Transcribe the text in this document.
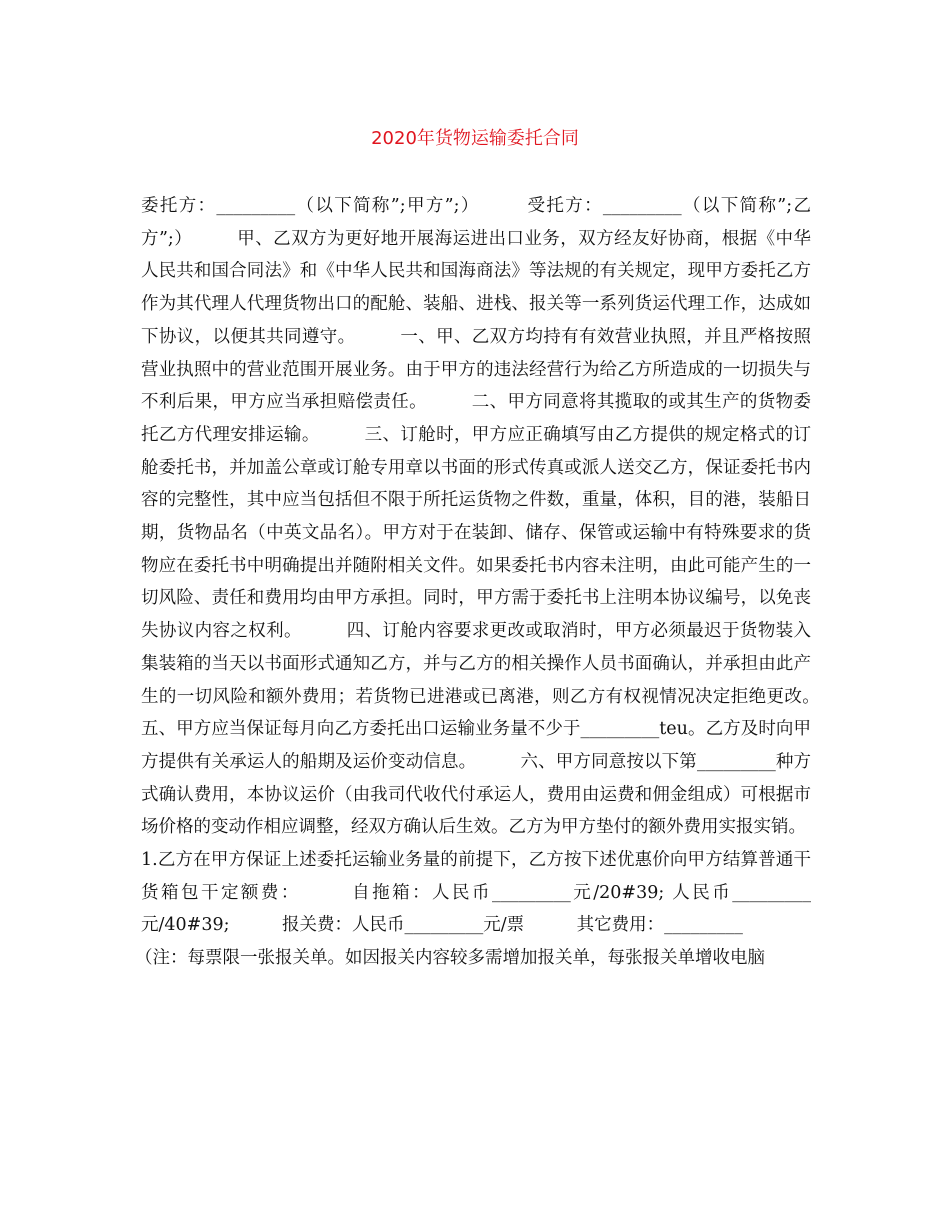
2020年货物运输委托合同

委托方：_________（以下简称”;甲方”;）　　　受托方：_________（以下简称”;乙方”;）　　　甲、乙双方为更好地开展海运进出口业务，双方经友好协商，根据《中华人民共和国合同法》和《中华人民共和国海商法》等法规的有关规定，现甲方委托乙方作为其代理人代理货物出口的配舱、装船、进栈、报关等一系列货运代理工作，达成如下协议，以便其共同遵守。　　　一、甲、乙双方均持有有效营业执照，并且严格按照营业执照中的营业范围开展业务。由于甲方的违法经营行为给乙方所造成的一切损失与不利后果，甲方应当承担赔偿责任。　　　二、甲方同意将其揽取的或其生产的货物委托乙方代理安排运输。　　　三、订舱时，甲方应正确填写由乙方提供的规定格式的订舱委托书，并加盖公章或订舱专用章以书面的形式传真或派人送交乙方，保证委托书内容的完整性，其中应当包括但不限于所托运货物之件数，重量，体积，目的港，装船日期，货物品名（中英文品名）。甲方对于在装卸、储存、保管或运输中有特殊要求的货物应在委托书中明确提出并随附相关文件。如果委托书内容未注明，由此可能产生的一切风险、责任和费用均由甲方承担。同时，甲方需于委托书上注明本协议编号，以免丧失协议内容之权利。　　　四、订舱内容要求更改或取消时，甲方必须最迟于货物装入集装箱的当天以书面形式通知乙方，并与乙方的相关操作人员书面确认，并承担由此产生的一切风险和额外费用；若货物已进港或已离港，则乙方有权视情况决定拒绝更改。　　　五、甲方应当保证每月向乙方委托出口运输业务量不少于_________teu。乙方及时向甲方提供有关承运人的船期及运价变动信息。　　　六、甲方同意按以下第_________种方式确认费用，本协议运价（由我司代收代付承运人，费用由运费和佣金组成）可根据市场价格的变动作相应调整，经双方确认后生效。乙方为甲方垫付的额外费用实报实销。

1.乙方在甲方保证上述委托运输业务量的前提下，乙方按下述优惠价向甲方结算普通干货箱包干定额费：　　　自拖箱：人民币_________元/20#39; 人民币_________元/40#39;　　　报关费：人民币_________元/票　　　其它费用：_________

（注：每票限一张报关单。如因报关内容较多需增加报关单，每张报关单增收电脑
